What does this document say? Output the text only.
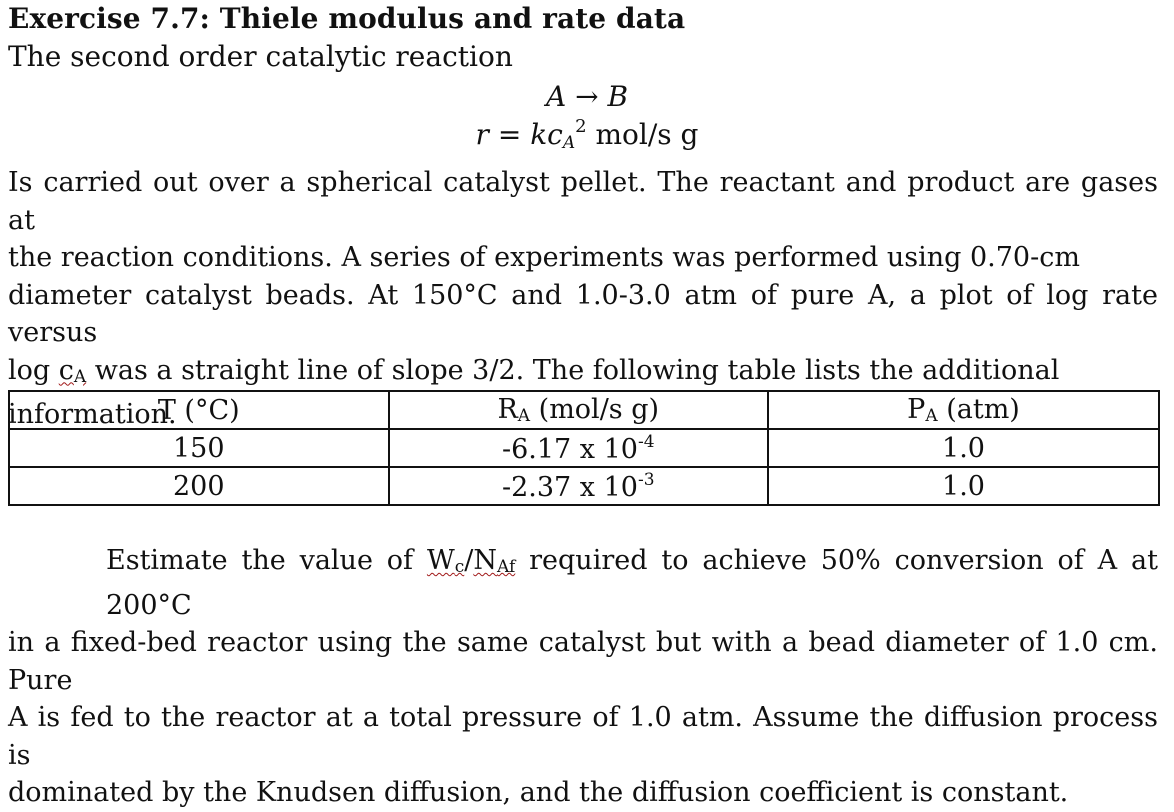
Exercise 7.7: Thiele modulus and rate data
The second order catalytic reaction
A → B
$r = kc_A^2$ mol/s g
Is carried out over a spherical catalyst pellet. The reactant and product are gases at
the reaction conditions. A series of experiments was performed using 0.70-cm
diameter catalyst beads. At 150°C and 1.0-3.0 atm of pure A, a plot of log rate versus
log cA was a straight line of slope 3/2. The following table lists the additional
information.
T (°C)	RA (mol/s g)	PA (atm)
150	-6.17 x $10^{-4}$	1.0
200	-2.37 x $10^{-3}$	1.0
Estimate the value of Wc/NAf required to achieve 50% conversion of A at 200°C
in a fixed-bed reactor using the same catalyst but with a bead diameter of 1.0 cm. Pure
A is fed to the reactor at a total pressure of 1.0 atm. Assume the diffusion process is
dominated by the Knudsen diffusion, and the diffusion coefficient is constant.
